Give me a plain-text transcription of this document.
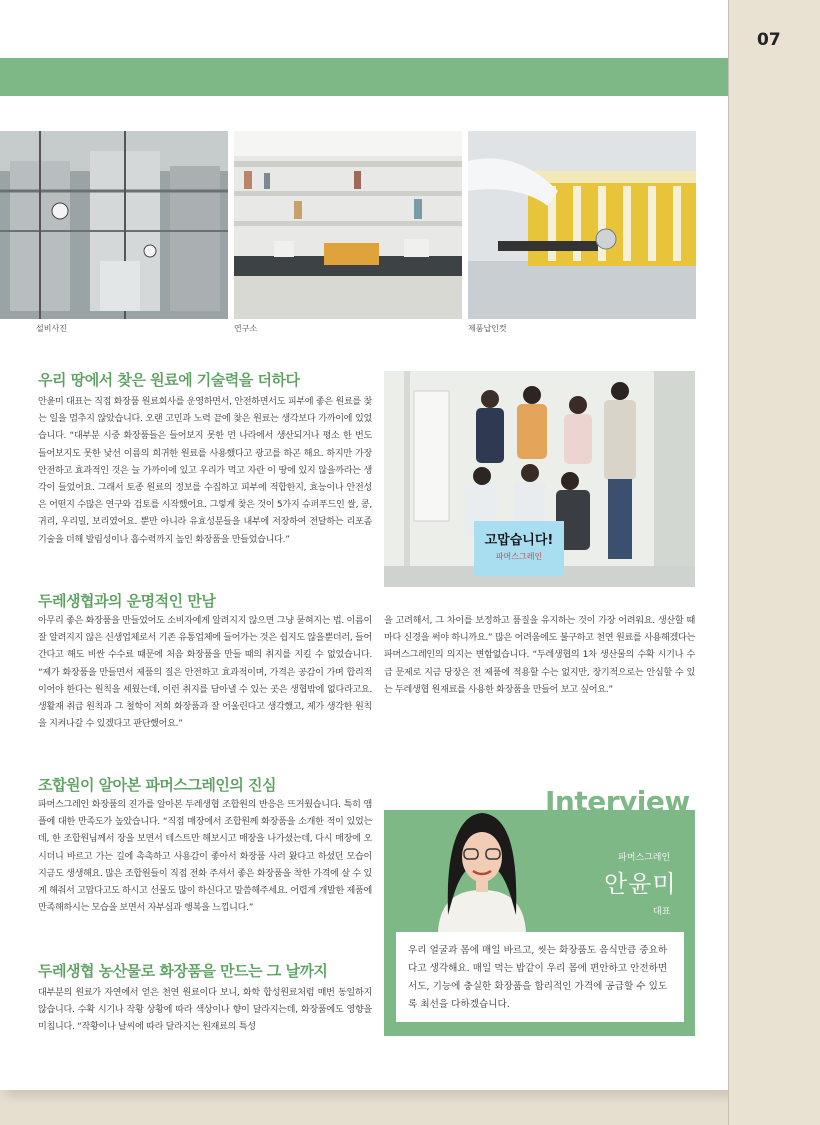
07
설비사진	연구소	제품납인컷
우리 땅에서 찾은 원료에 기술력을 더하다
안윤미 대표는 직접 화장품 원료회사를 운영하면서, 안전하면서도 피부에 좋은 원료를 찾는 일을 멈추지 않았습니다. 오랜 고민과 노력 끝에 찾은 원료는 생각보다 가까이에 있었습니다. “대부분 시중 화장품들은 들어보지 못한 먼 나라에서 생산되거나 평소 한 번도 들어보지도 못한 낯선 이름의 희귀한 원료를 사용했다고 광고를 하곤 해요. 하지만 가장 안전하고 효과적인 것은 늘 가까이에 있고 우리가 먹고 자란 이 땅에 있지 않을까라는 생각이 들었어요. 그래서 토종 원료의 정보를 수집하고 피부에 적합한지, 효능이나 안전성은 어떤지 수많은 연구와 검토를 시작했어요. 그렇게 찾은 것이 5가지 슈퍼푸드인 쌀, 콩, 귀리, 우리밀, 보리였어요. 뿐만 아니라 유효성분들을 내부에 저장하여 전달하는 리포좀 기술을 더해 발림성이나 흡수력까지 높인 화장품을 만들었습니다.”	고맙습니다!
파머스그레인
두레생협과의 운명적인 만남
아무리 좋은 화장품을 만들었어도 소비자에게 알려지지 않으면 그냥 묻혀지는 법. 이름이 잘 알려지지 않은 신생업체로서 기존 유통업체에 들어가는 것은 쉽지도 않을뿐더러, 들어간다고 해도 비싼 수수료 때문에 처음 화장품을 만들 때의 취지를 지킬 수 없었습니다. “제가 화장품을 만들면서 제품의 질은 안전하고 효과적이며, 가격은 공감이 가며 합리적이어야 한다는 원칙을 세웠는데, 이런 취지를 담아낼 수 있는 곳은 생협밖에 없다라고요. 생활재 취급 원칙과 그 철학이 저희 화장품과 잘 어울린다고 생각했고, 제가 생각한 원칙을 지켜나갈 수 있겠다고 판단했어요.”
을 고려해서, 그 차이를 보정하고 품질을 유지하는 것이 가장 어려워요. 생산할 때마다 신경을 써야 하니까요.” 많은 어려움에도 불구하고 천연 원료를 사용해겠다는 파머스그레인의 의지는 변함없습니다. “두레생협의 1차 생산물의 수확 시기나 수급 문제로 지금 당장은 전 제품에 적용할 수는 없지만, 장기적으로는 안심할 수 있는 두레생협 원재료를 사용한 화장품을 만들어 보고 싶어요.”
조합원이 알아본 파머스그레인의 진심
파머스그레인 화장품의 진가를 알아본 두레생협 조합원의 반응은 뜨거웠습니다. 특히 앰플에 대한 만족도가 높았습니다. “직접 매장에서 조합원께 화장품을 소개한 적이 있었는데, 한 조합원님께서 장을 보면서 테스트만 해보시고 매장을 나가셨는데, 다시 매장에 오시더니 바르고 가는 길에 촉촉하고 사용감이 좋아서 화장품 사러 왔다고 하셨던 모습이 지금도 생생해요. 많은 조합원들이 직접 전화 주셔서 좋은 화장품을 착한 가격에 살 수 있게 해줘서 고맙다고도 하시고 선물도 많이 하신다고 말씀해주세요. 어렵게 개발한 제품에 만족해하시는 모습을 보면서 자부심과 행복을 느낍니다.”
두레생협 농산물로 화장품을 만드는 그 날까지
대부분의 원료가 자연에서 얻은 천연 원료이다 보니, 화학 합성원료처럼 매번 동일하지 않습니다. 수확 시기나 작황 상황에 따라 색상이나 향이 달라지는데, 화장품에도 영향을 미칩니다. “작황이나 날씨에 따라 달라지는 원재료의 특성
Interview
파머스그레인
안윤미
대표
우리 얼굴과 몸에 매일 바르고, 씻는 화장품도 음식만큼 중요하다고 생각해요. 매일 먹는 밥같이 우리 몸에 편안하고 안전하면서도, 기능에 충실한 화장품을 합리적인 가격에 공급할 수 있도록 최선을 다하겠습니다.
